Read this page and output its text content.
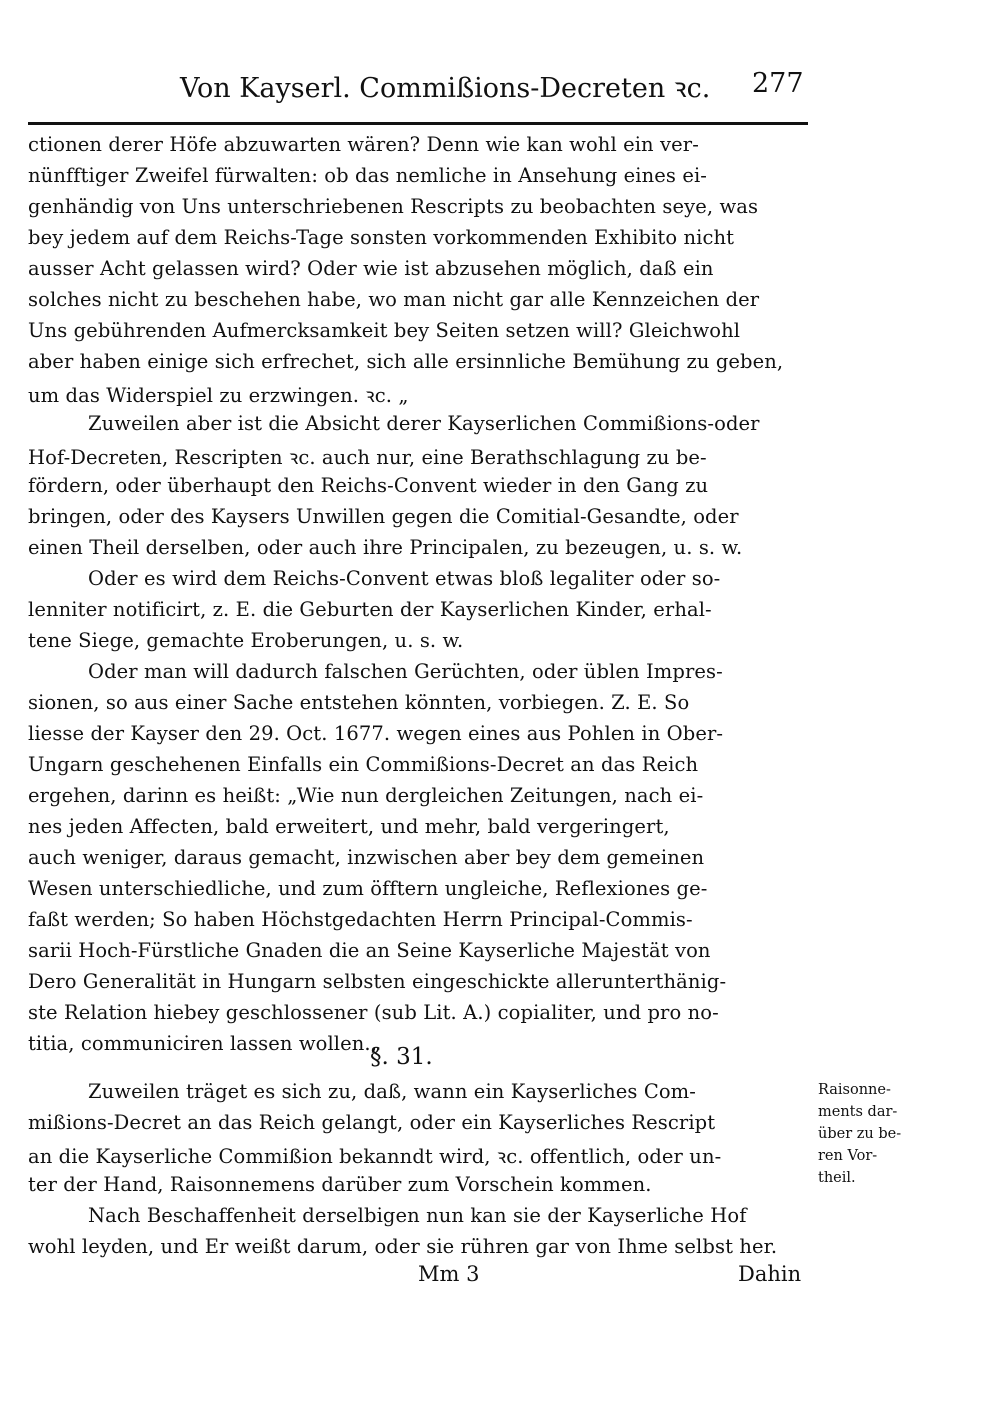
Von Kayserl. Commißions-Decreten ꝛc. 277
ctionen derer Höfe abzuwarten wären? Denn wie kan wohl ein ver-
nünfftiger Zweifel fürwalten: ob das nemliche in Ansehung eines ei-
genhändig von Uns unterschriebenen Rescripts zu beobachten seye, was
bey jedem auf dem Reichs-Tage sonsten vorkommenden Exhibito nicht
ausser Acht gelassen wird? Oder wie ist abzusehen möglich, daß ein
solches nicht zu beschehen habe, wo man nicht gar alle Kennzeichen der
Uns gebührenden Aufmercksamkeit bey Seiten setzen will? Gleichwohl
aber haben einige sich erfrechet, sich alle ersinnliche Bemühung zu geben,
um das Widerspiel zu erzwingen. ꝛc. „
Zuweilen aber ist die Absicht derer Kayserlichen Commißions-oder
Hof-Decreten, Rescripten ꝛc. auch nur, eine Berathschlagung zu be-
fördern, oder überhaupt den Reichs-Convent wieder in den Gang zu
bringen, oder des Kaysers Unwillen gegen die Comitial-Gesandte, oder
einen Theil derselben, oder auch ihre Principalen, zu bezeugen, u. s. w.
Oder es wird dem Reichs-Convent etwas bloß legaliter oder so-
lenniter notificirt, z. E. die Geburten der Kayserlichen Kinder, erhal-
tene Siege, gemachte Eroberungen, u. s. w.
Oder man will dadurch falschen Gerüchten, oder üblen Impres-
sionen, so aus einer Sache entstehen könnten, vorbiegen. Z. E. So
liesse der Kayser den 29. Oct. 1677. wegen eines aus Pohlen in Ober-
Ungarn geschehenen Einfalls ein Commißions-Decret an das Reich
ergehen, darinn es heißt: „Wie nun dergleichen Zeitungen, nach ei-
nes jeden Affecten, bald erweitert, und mehr, bald vergeringert,
auch weniger, daraus gemacht, inzwischen aber bey dem gemeinen
Wesen unterschiedliche, und zum öfftern ungleiche, Reflexiones ge-
faßt werden; So haben Höchstgedachten Herrn Principal-Commis-
sarii Hoch-Fürstliche Gnaden die an Seine Kayserliche Majestät von
Dero Generalität in Hungarn selbsten eingeschickte allerunterthänig-
ste Relation hiebey geschlossener (sub Lit. A.) copialiter, und pro no-
titia, communiciren lassen wollen.„
§. 31.
Zuweilen träget es sich zu, daß, wann ein Kayserliches Com-
mißions-Decret an das Reich gelangt, oder ein Kayserliches Rescript
an die Kayserliche Commißion bekanndt wird, ꝛc. offentlich, oder un-
ter der Hand, Raisonnemens darüber zum Vorschein kommen.
Nach Beschaffenheit derselbigen nun kan sie der Kayserliche Hof
wohl leyden, und Er weißt darum, oder sie rühren gar von Ihme selbst her.
Raisonne-
ments dar-
über zu be-
ren Vor-
theil.
Mm 3	Dahin
